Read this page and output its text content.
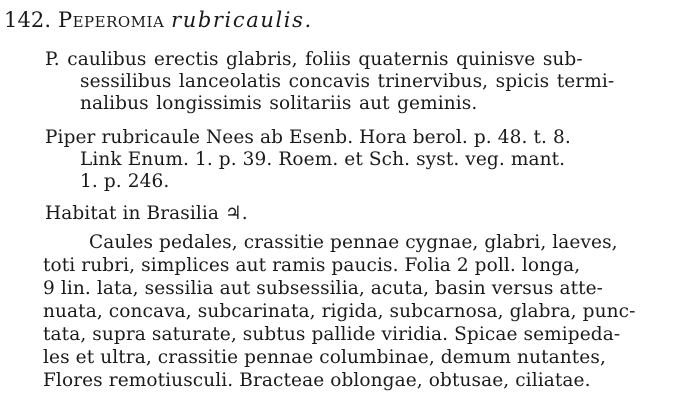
142. Peperomia rubricaulis.
P. caulibus erectis glabris, foliis quaternis quinisve sub-
sessilibus lanceolatis concavis trinervibus, spicis termi-
nalibus longissimis solitariis aut geminis.
Piper rubricaule Nees ab Esenb. Hora berol. p. 48. t. 8.
Link Enum. 1. p. 39. Roem. et Sch. syst. veg. mant.
1. p. 246.
Habitat in Brasilia ♃.
Caules pedales, crassitie pennae cygnae, glabri, laeves,
toti rubri, simplices aut ramis paucis. Folia 2 poll. longa,
9 lin. lata, sessilia aut subsessilia, acuta, basin versus atte-
nuata, concava, subcarinata, rigida, subcarnosa, glabra, punc-
tata, supra saturate, subtus pallide viridia. Spicae semipeda-
les et ultra, crassitie pennae columbinae, demum nutantes,
Flores remotiusculi. Bracteae oblongae, obtusae, ciliatae.
